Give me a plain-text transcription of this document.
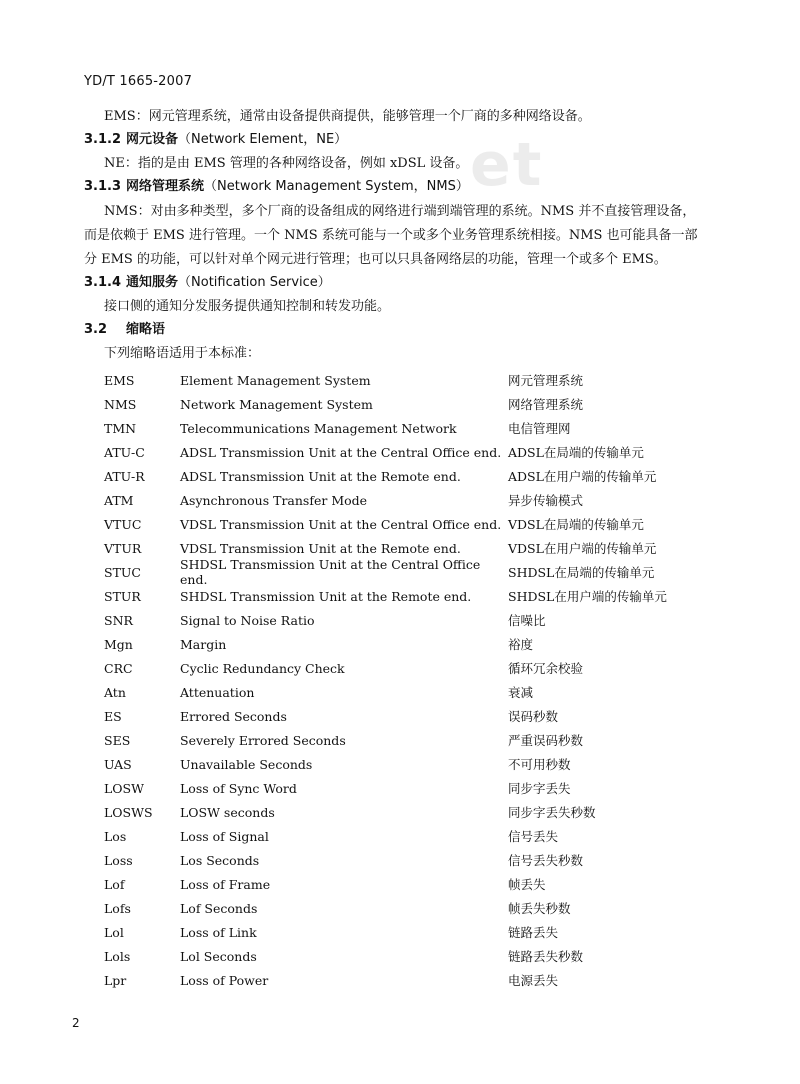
et
YD/T 1665-2007
EMS：网元管理系统，通常由设备提供商提供，能够管理一个厂商的多种网络设备。
3.1.2 网元设备（Network Element，NE）
NE：指的是由 EMS 管理的各种网络设备，例如 xDSL 设备。
3.1.3 网络管理系统（Network Management System，NMS）
NMS：对由多种类型，多个厂商的设备组成的网络进行端到端管理的系统。NMS 并不直接管理设备，
而是依赖于 EMS 进行管理。一个 NMS 系统可能与一个或多个业务管理系统相接。NMS 也可能具备一部
分 EMS 的功能，可以针对单个网元进行管理；也可以只具备网络层的功能，管理一个或多个 EMS。
3.1.4 通知服务（Notification Service）
接口侧的通知分发服务提供通知控制和转发功能。
3.2 缩略语
下列缩略语适用于本标准：
EMS	Element Management System	网元管理系统
NMS	Network Management System	网络管理系统
TMN	Telecommunications Management Network	电信管理网
ATU-C	ADSL Transmission Unit at the Central Office end. ADSL在局端的传输单元
ATU-R	ADSL Transmission Unit at the Remote end.	ADSL在用户端的传输单元
ATM	Asynchronous Transfer Mode	异步传输模式
VTUC	VDSL Transmission Unit at the Central Office end. VDSL在局端的传输单元
VTUR	VDSL Transmission Unit at the Remote end.	VDSL在用户端的传输单元
STUC	SHDSL Transmission Unit at the Central Office end.	SHDSL在局端的传输单元
STUR	SHDSL Transmission Unit at the Remote end.	SHDSL在用户端的传输单元
SNR	Signal to Noise Ratio	信噪比
Mgn	Margin	裕度
CRC	Cyclic Redundancy Check	循环冗余校验
Atn	Attenuation	衰减
ES	Errored Seconds	误码秒数
SES	Severely Errored Seconds	严重误码秒数
UAS	Unavailable Seconds	不可用秒数
LOSW	Loss of Sync Word	同步字丢失
LOSWS	LOSW seconds	同步字丢失秒数
Los	Loss of Signal	信号丢失
Loss	Los Seconds	信号丢失秒数
Lof	Loss of Frame	帧丢失
Lofs	Lof Seconds	帧丢失秒数
Lol	Loss of Link	链路丢失
Lols	Lol Seconds	链路丢失秒数
Lpr	Loss of Power	电源丢失
2
